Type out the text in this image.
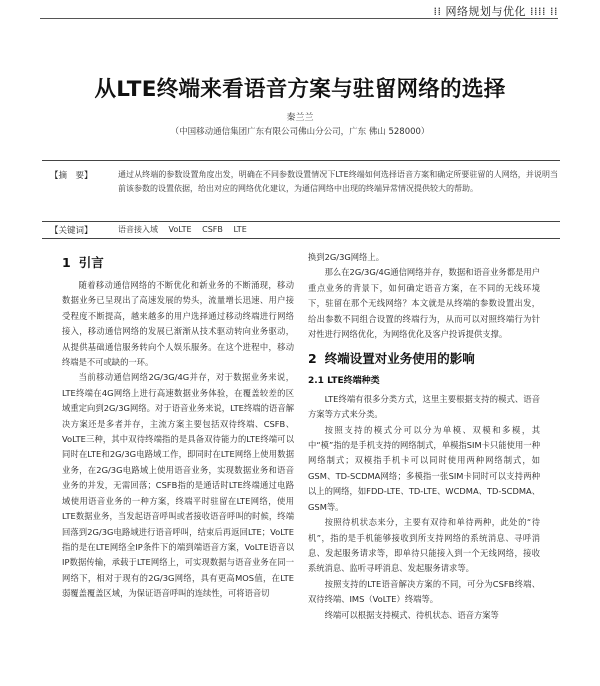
⁞⁞ 网络规划与优化 ⁞⁞⁞⁞ ⁞⁞
从LTE终端来看语音方案与驻留网络的选择
秦兰兰
（中国移动通信集团广东有限公司佛山分公司，广东 佛山 528000）
【摘　要】	通过从终端的参数设置角度出发，明确在不同参数设置情况下LTE终端如何选择语音方案和确定所要驻留的人网络，并说明当前该参数的设置依据，给出对应的网络优化建议，为通信网络中出现的终端异常情况提供较大的帮助。
【关键词】	语音接入域 VoLTE CSFB LTE
1 引言

随着移动通信网络的不断优化和新业务的不断涌现，移动数据业务已呈现出了高速发展的势头，流量增长迅速、用户接受程度不断提高，越来越多的用户选择通过移动终端进行网络接入，移动通信网络的发展已渐渐从技术驱动转向业务驱动，从提供基础通信服务转向个人娱乐服务。在这个进程中，移动终端是不可或缺的一环。

当前移动通信网络2G/3G/4G并存，对于数据业务来说，LTE终端在4G网络上进行高速数据业务体验，在覆盖较差的区域重定向到2G/3G网络。对于语音业务来说，LTE终端的语音解决方案还是多者并存，主流方案主要包括双待终端、CSFB、VoLTE三种，其中双待终端指的是具备双待能力的LTE终端可以同时在LTE和2G/3G电路域工作，即同时在LTE网络上使用数据业务，在2G/3G电路域上使用语音业务，实现数据业务和语音业务的并发，无需回落；CSFB指的是通话时LTE终端通过电路域使用语音业务的一种方案，终端平时驻留在LTE网络，使用LTE数据业务，当发起语音呼叫或者接收语音呼叫的时候，终端回落到2G/3G电路域进行语音呼叫，结束后再返回LTE；VoLTE指的是在LTE网络全IP条件下的端到端语音方案，VoLTE语音以IP数据传输，承载于LTE网络上，可实现数据与语音业务在同一网络下，相对于现有的2G/3G网络，具有更高MOS值，在LTE弱覆盖覆盖区域，为保证语音呼叫的连续性，可将语音切

换到2G/3G网络上。

那么在2G/3G/4G通信网络并存，数据和语音业务都是用户重点业务的背景下，如何确定语音方案，在不同的无线环境下，驻留在那个无线网络？本文就是从终端的参数设置出发，给出参数不同组合设置的终端行为，从而可以对照终端行为针对性进行网络优化，为网络优化及客户投诉提供支撑。

2 终端设置对业务使用的影响
2.1 LTE终端种类

LTE终端有很多分类方式，这里主要根据支持的模式、语音方案等方式来分类。

按照支持的模式分可以分为单模、双模和多模，其中“模”指的是手机支持的网络制式，单模指SIM卡只能使用一种网络制式；双模指手机卡可以同时使用两种网络制式，如GSM、TD-SCDMA网络；多模指一张SIM卡同时可以支持两种以上的网络，如FDD-LTE、TD-LTE、WCDMA、TD-SCDMA、GSM等。

按照待机状态来分，主要有双待和单待两种，此处的“待机”，指的是手机能够接收到所支持网络的系统消息、寻呼消息、发起服务请求等，即单待只能接入到一个无线网络，接收系统消息、监听寻呼消息、发起服务请求等。

按照支持的LTE语音解决方案的不同，可分为CSFB终端、双待终端、IMS（VoLTE）终端等。

终端可以根据支持模式、待机状态、语音方案等
